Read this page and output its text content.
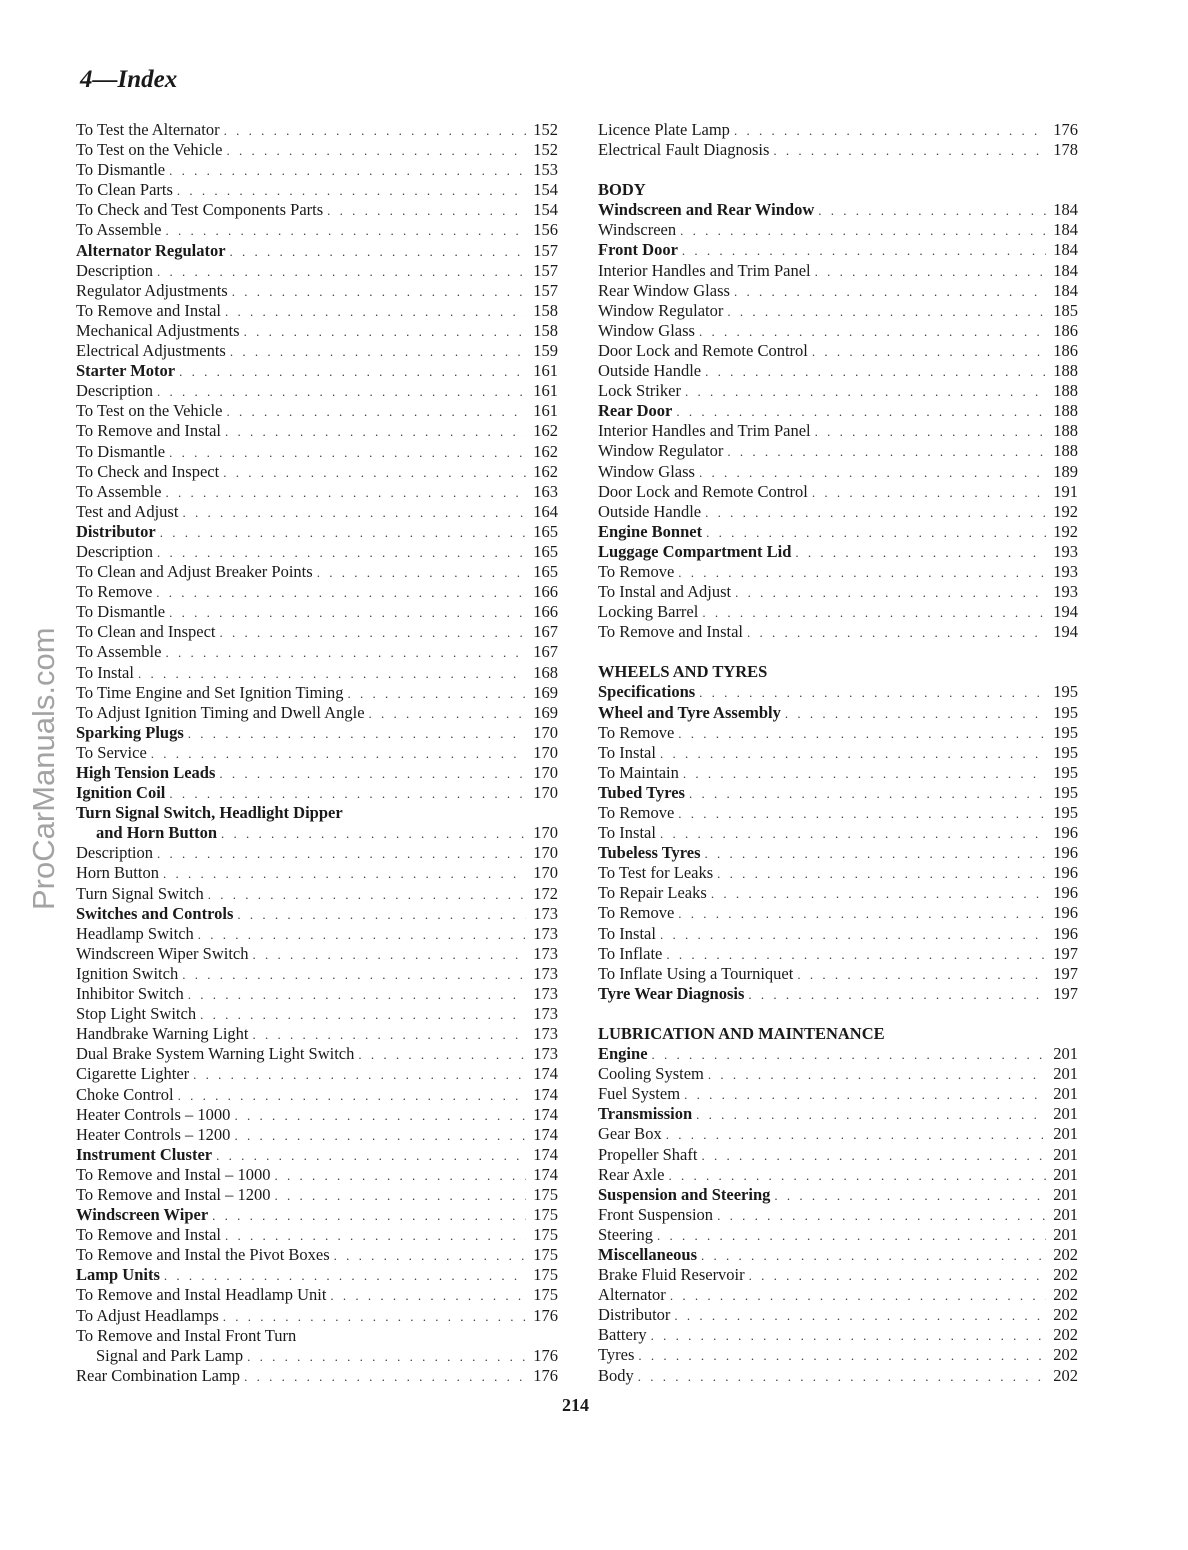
4—Index
ProCarManuals.com
To Test the Alternator . . .	152
To Test on the Vehicle . . .	152
To Dismantle . . .	153
To Clean Parts . . .	154
To Check and Test Components Parts . . .	154
To Assemble . . .	156
Alternator Regulator . . .	157
Description . . .	157
Regulator Adjustments . . .	157
To Remove and Instal . . .	158
Mechanical Adjustments . . .	158
Electrical Adjustments . . .	159
Starter Motor . . .	161
Description . . .	161
To Test on the Vehicle . . .	161
To Remove and Instal . . .	162
To Dismantle . . .	162
To Check and Inspect . . .	162
To Assemble . . .	163
Test and Adjust . . .	164
Distributor . . .	165
Description . . .	165
To Clean and Adjust Breaker Points . . .	165
To Remove . . .	166
To Dismantle . . .	166
To Clean and Inspect . . .	167
To Assemble . . .	167
To Instal . . .	168
To Time Engine and Set Ignition Timing . . .	169
To Adjust Ignition Timing and Dwell Angle . . .	169
Sparking Plugs . . .	170
To Service . . .	170
High Tension Leads . . .	170
Ignition Coil . . .	170
Turn Signal Switch, Headlight Dipper
and Horn Button . . .	170
Description . . .	170
Horn Button . . .	170
Turn Signal Switch . . .	172
Switches and Controls . . .	173
Headlamp Switch . . .	173
Windscreen Wiper Switch . . .	173
Ignition Switch . . .	173
Inhibitor Switch . . .	173
Stop Light Switch . . .	173
Handbrake Warning Light . . .	173
Dual Brake System Warning Light Switch . . .	173
Cigarette Lighter . . .	174
Choke Control . . .	174
Heater Controls – 1000 . . .	174
Heater Controls – 1200 . . .	174
Instrument Cluster . . .	174
To Remove and Instal – 1000 . . .	174
To Remove and Instal – 1200 . . .	175
Windscreen Wiper . . .	175
To Remove and Instal . . .	175
To Remove and Instal the Pivot Boxes . . .	175
Lamp Units . . .	175
To Remove and Instal Headlamp Unit . . .	175
To Adjust Headlamps . . .	176
To Remove and Instal Front Turn
Signal and Park Lamp . . .	176
Rear Combination Lamp . . .	176
Licence Plate Lamp . . .	176
Electrical Fault Diagnosis . . .	178
BODY
Windscreen and Rear Window . . .	184
Windscreen . . .	184
Front Door . . .	184
Interior Handles and Trim Panel . . .	184
Rear Window Glass . . .	184
Window Regulator . . .	185
Window Glass . . .	186
Door Lock and Remote Control . . .	186
Outside Handle . . .	188
Lock Striker . . .	188
Rear Door . . .	188
Interior Handles and Trim Panel . . .	188
Window Regulator . . .	188
Window Glass . . .	189
Door Lock and Remote Control . . .	191
Outside Handle . . .	192
Engine Bonnet . . .	192
Luggage Compartment Lid . . .	193
To Remove . . .	193
To Instal and Adjust . . .	193
Locking Barrel . . .	194
To Remove and Instal . . .	194
WHEELS AND TYRES
Specifications . . .	195
Wheel and Tyre Assembly . . .	195
To Remove . . .	195
To Instal . . .	195
To Maintain . . .	195
Tubed Tyres . . .	195
To Remove . . .	195
To Instal . . .	196
Tubeless Tyres . . .	196
To Test for Leaks . . .	196
To Repair Leaks . . .	196
To Remove . . .	196
To Instal . . .	196
To Inflate . . .	197
To Inflate Using a Tourniquet . . .	197
Tyre Wear Diagnosis . . .	197
LUBRICATION AND MAINTENANCE
Engine . . .	201
Cooling System . . .	201
Fuel System . . .	201
Transmission . . .	201
Gear Box . . .	201
Propeller Shaft . . .	201
Rear Axle . . .	201
Suspension and Steering . . .	201
Front Suspension . . .	201
Steering . . .	201
Miscellaneous . . .	202
Brake Fluid Reservoir . . .	202
Alternator . . .	202
Distributor . . .	202
Battery . . .	202
Tyres . . .	202
Body . . .	202
214
